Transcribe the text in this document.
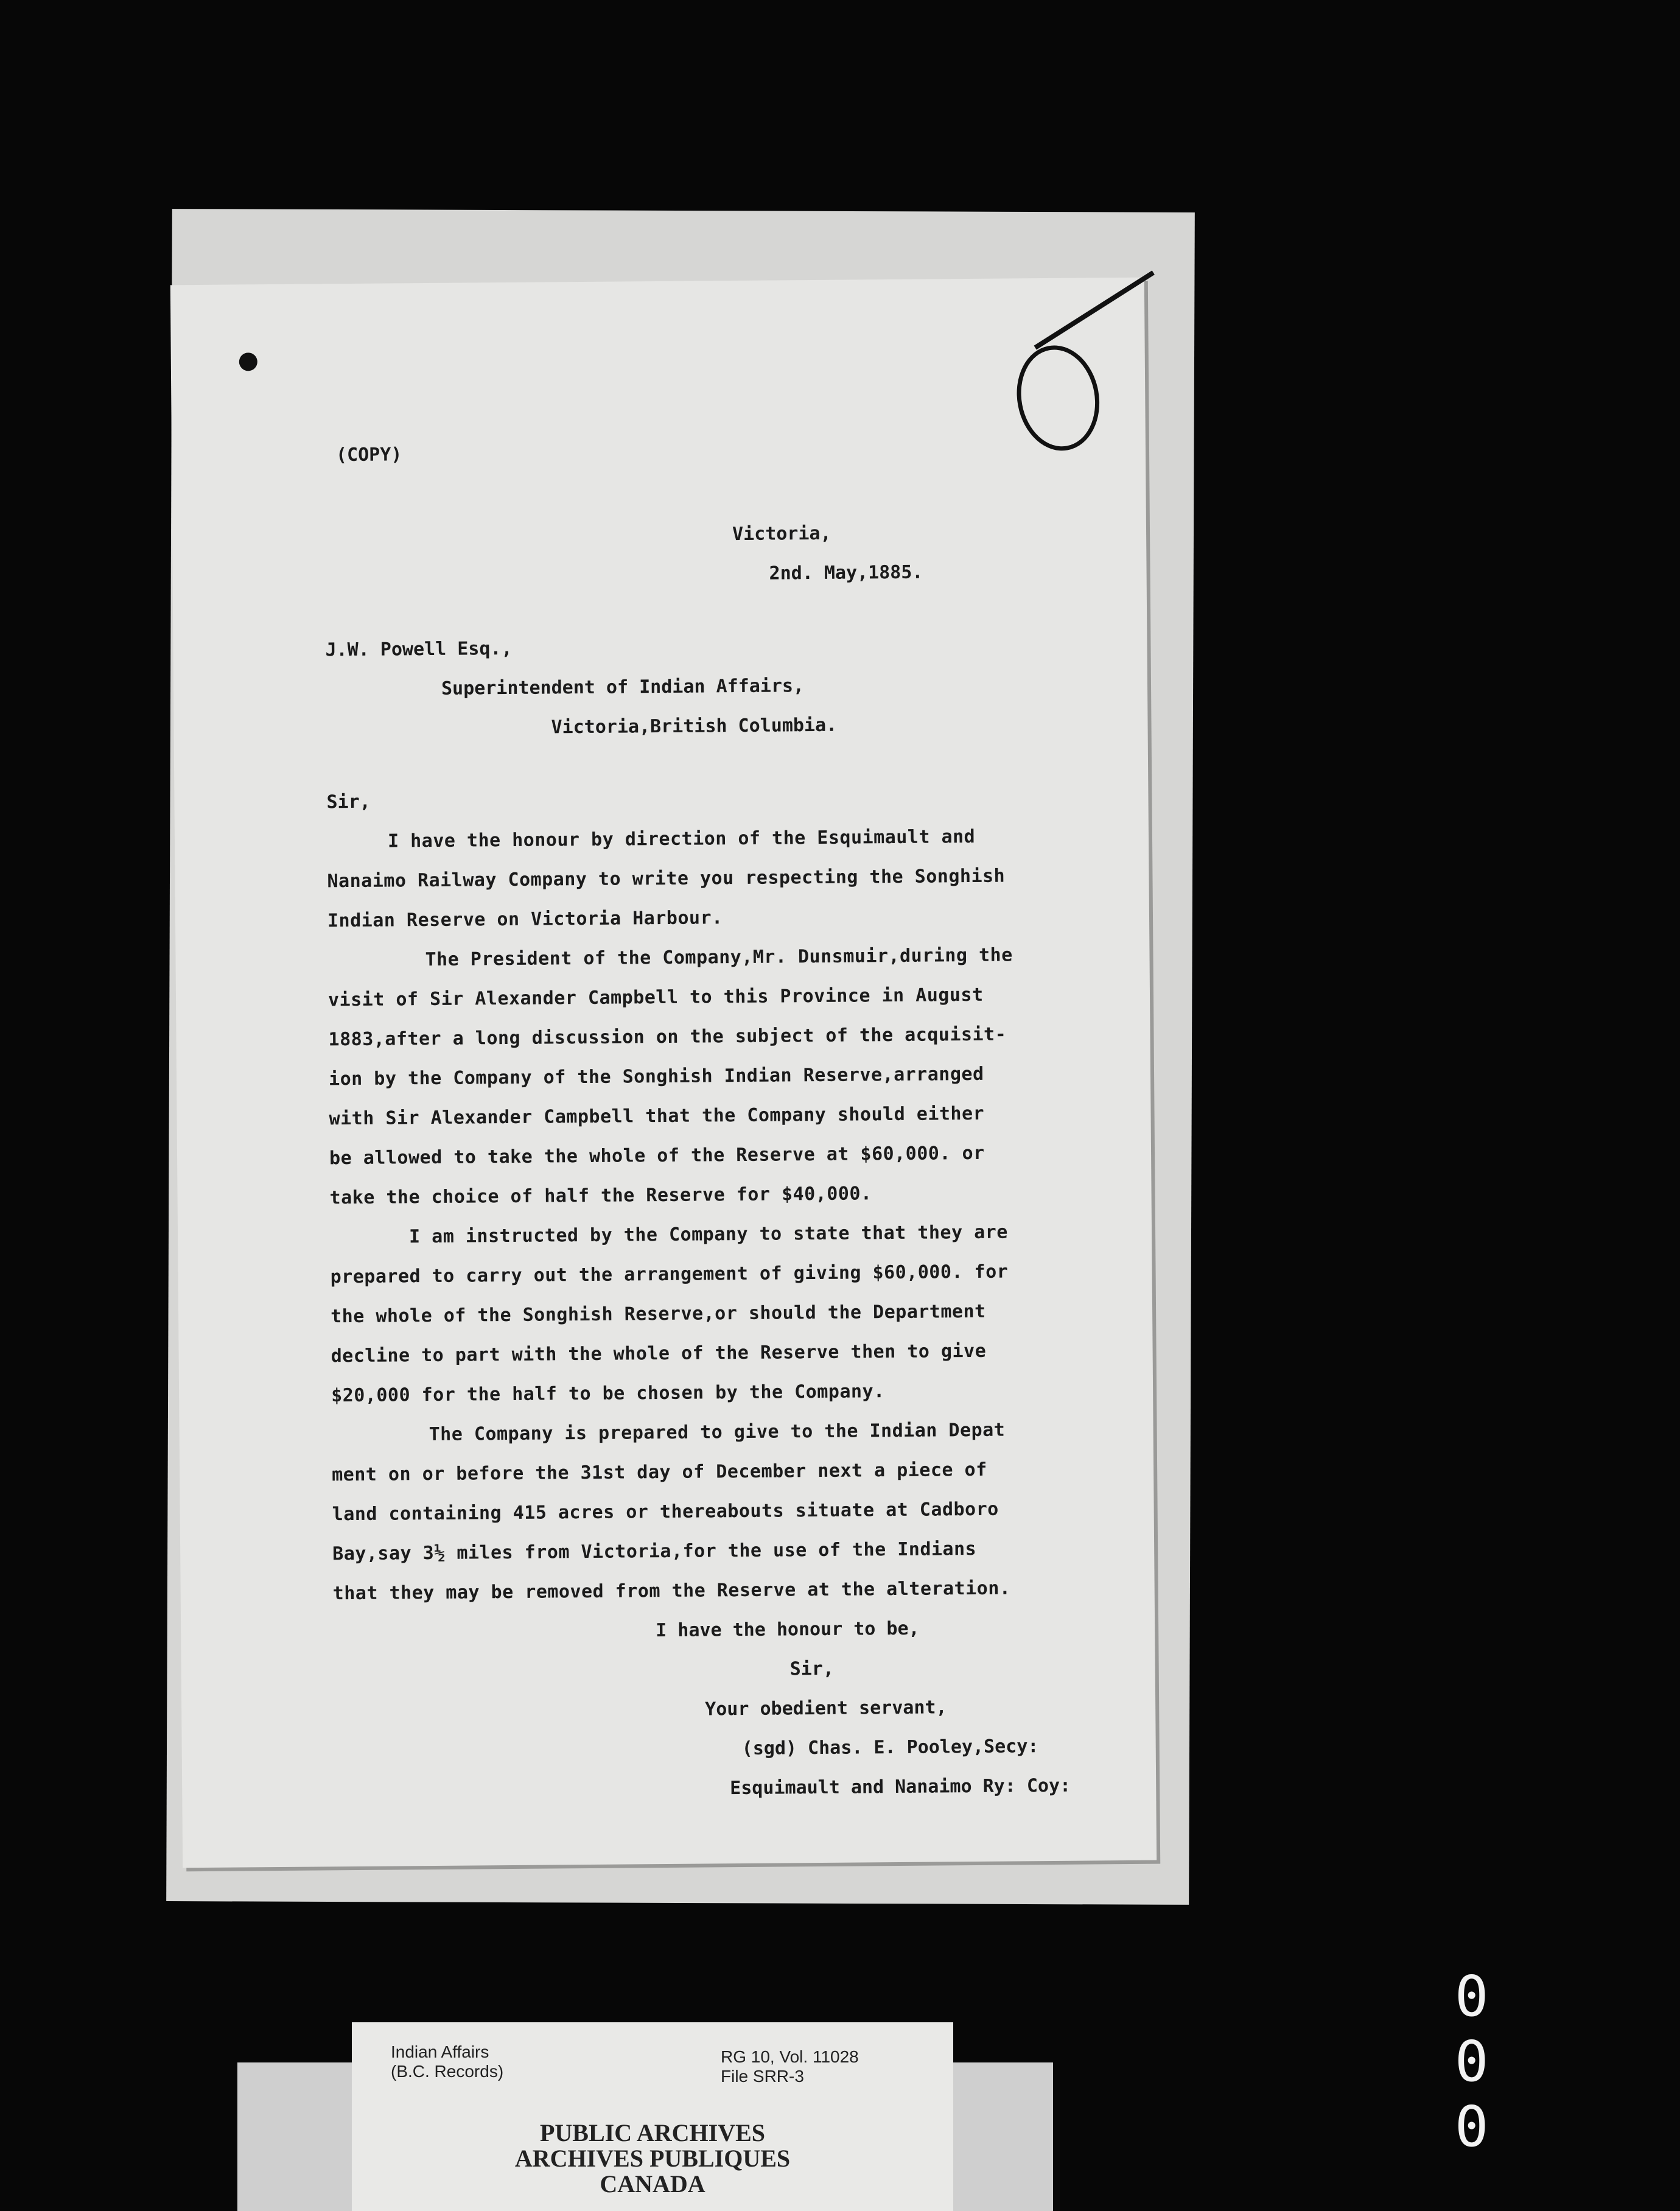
(COPY)
Victoria,
2nd. May,1885.
J.W. Powell Esq.,
Superintendent of Indian Affairs,
Victoria,British Columbia.
Sir,
I have the honour by direction of the Esquimault and
Nanaimo Railway Company to write you respecting the Songhish
Indian Reserve on Victoria Harbour.
The President of the Company,Mr. Dunsmuir,during the
visit of Sir Alexander Campbell to this Province in August
1883,after a long discussion on the subject of the acquisit-
ion by the Company of the Songhish Indian Reserve,arranged
with Sir Alexander Campbell that the Company should either
be allowed to take the whole of the Reserve at $60,000. or
take the choice of half the Reserve for $40,000.
I am instructed by the Company to state that they are
prepared to carry out the arrangement of giving $60,000. for
the whole of the Songhish Reserve,or should the Department
decline to part with the whole of the Reserve then to give
$20,000 for the half to be chosen by the Company.
The Company is prepared to give to the Indian Depat
ment on or before the 31st day of December next a piece of
land containing 415 acres or thereabouts situate at Cadboro
Bay,say 3½ miles from Victoria,for the use of the Indians
that they may be removed from the Reserve at the alteration.
I have the honour to be,
Sir,
Your obedient servant,
(sgd) Chas. E. Pooley,Secy:
Esquimault and Nanaimo Ry: Coy:
Indian Affairs
(B.C. Records)
RG 10, Vol. 11028
File SRR-3
PUBLIC ARCHIVES
ARCHIVES PUBLIQUES
CANADA
0 0 0
